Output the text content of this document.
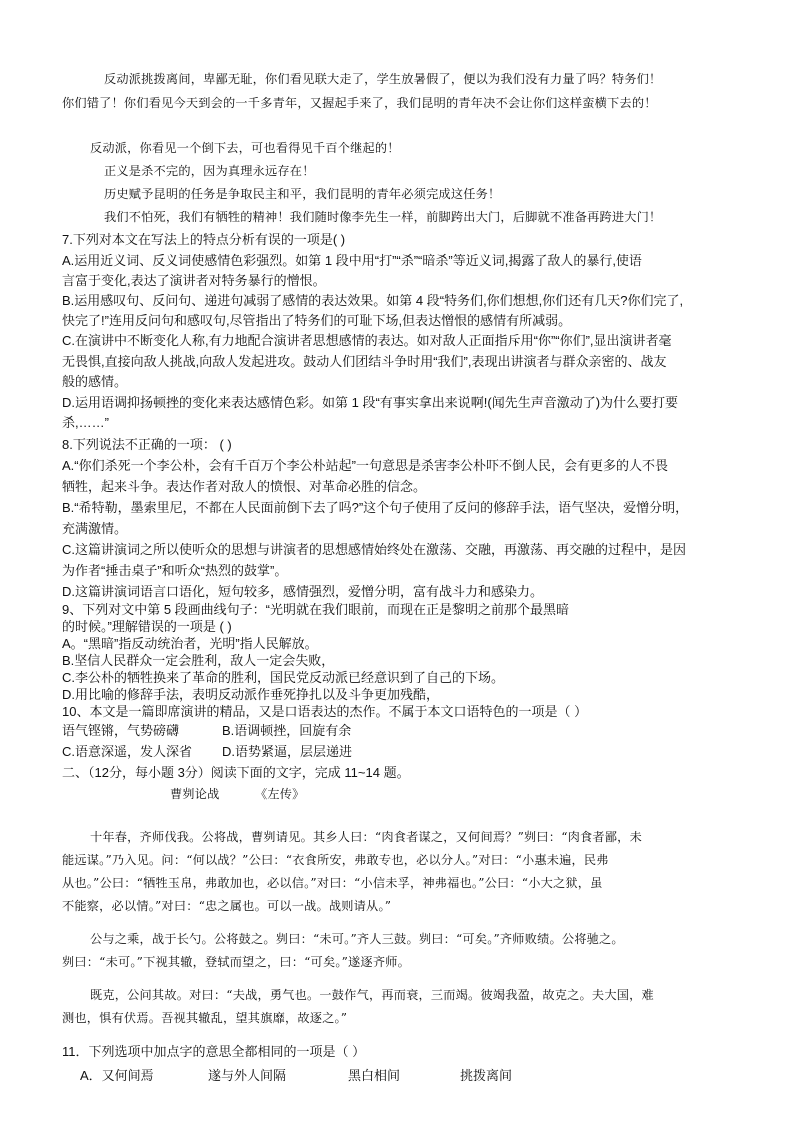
反动派挑拨离间，卑鄙无耻，你们看见联大走了，学生放暑假了，便以为我们没有力量了吗？特务们！
你们错了！你们看见今天到会的一千多青年，又握起手来了，我们昆明的青年决不会让你们这样蛮横下去的！
反动派，你看见一个倒下去，可也看得见千百个继起的！
正义是杀不完的，因为真理永远存在！
历史赋予昆明的任务是争取民主和平，我们昆明的青年必须完成这任务！
我们不怕死，我们有牺牲的精神！我们随时像李先生一样，前脚跨出大门，后脚就不准备再跨进大门！
7.下列对本文在写法上的特点分析有误的一项是( )
A.运用近义词、反义词使感情色彩强烈。如第 1 段中用“打”“杀”“暗杀”等近义词,揭露了敌人的暴行,使语
言富于变化,表达了演讲者对特务暴行的憎恨。
B.运用感叹句、反问句、递进句减弱了感情的表达效果。如第 4 段“特务们,你们想想,你们还有几天?你们完了,
快完了!”连用反问句和感叹句,尽管指出了特务们的可耻下场,但表达憎恨的感情有所减弱。
C.在演讲中不断变化人称,有力地配合演讲者思想感情的表达。如对敌人正面指斥用“你”“你们”,显出演讲者毫
无畏惧,直接向敌人挑战,向敌人发起进攻。鼓动人们团结斗争时用“我们”,表现出讲演者与群众亲密的、战友
般的感情。
D.运用语调抑扬顿挫的变化来表达感情色彩。如第 1 段“有事实拿出来说啊!(闻先生声音激动了)为什么要打要
杀,……”
8.下列说法不正确的一项： ( )
A.“你们杀死一个李公朴，会有千百万个李公朴站起”一句意思是杀害李公朴吓不倒人民，会有更多的人不畏
牺牲，起来斗争。表达作者对敌人的愤恨、对革命必胜的信念。
B.“希特勒，墨索里尼，不都在人民面前倒下去了吗?”这个句子使用了反问的修辞手法，语气坚决，爱憎分明，
充满激情。
C.这篇讲演词之所以使听众的思想与讲演者的思想感情始终处在激荡、交融，再激荡、再交融的过程中，是因
为作者“捶击桌子”和听众“热烈的鼓掌”。
D.这篇讲演词语言口语化，短句较多，感情强烈，爱憎分明，富有战斗力和感染力。
9、下列对文中第 5 段画曲线句子：“光明就在我们眼前，而现在正是黎明之前那个最黑暗
的时候。”理解错误的一项是 ( )
A。“黑暗”指反动统治者，光明”指人民解放。
B.坚信人民群众一定会胜利，敌人一定会失败，
C.李公朴的牺牲换来了革命的胜利，国民党反动派已经意识到了自己的下场。
D.用比喻的修辞手法，表明反动派作垂死挣扎以及斗争更加残酷，
10、本文是一篇即席演讲的精品，又是口语表达的杰作。不属于本文口语特色的一项是（ ）
语气铿锵，气势磅礴	B.语调顿挫，回旋有余
C.语意深遥，发人深省 D.语势紧逼，层层递进
二、（12分，每小题 3分）阅读下面的文字，完成 11~14 题。
曹刿论战	《左传》
十年春，齐师伐我。公将战，曹刿请见。其乡人曰：“肉食者谋之，又何间焉？”刿曰：“肉食者鄙，未
能远谋。”乃入见。问：“何以战？”公曰：“衣食所安，弗敢专也，必以分人。”对曰：“小惠未遍，民弗
从也。”公曰：“牺牲玉帛，弗敢加也，必以信。”对曰：“小信未孚，神弗福也。”公曰：“小大之狱，虽
不能察，必以情。”对曰：“忠之属也。可以一战。战则请从。”
公与之乘，战于长勺。公将鼓之。刿曰：“未可。”齐人三鼓。刿曰：“可矣。”齐师败绩。公将驰之。
刿曰：“未可。”下视其辙，登轼而望之，曰：“可矣。”遂逐齐师。
既克，公问其故。对曰：“夫战，勇气也。一鼓作气，再而衰，三而竭。彼竭我盈，故克之。夫大国，难
测也，惧有伏焉。吾视其辙乱，望其旗靡，故逐之。”
11．下列选项中加点字的意思全都相同的一项是（ ）
A．又何间焉	遂与外人间隔	黑白相间	挑拨离间
